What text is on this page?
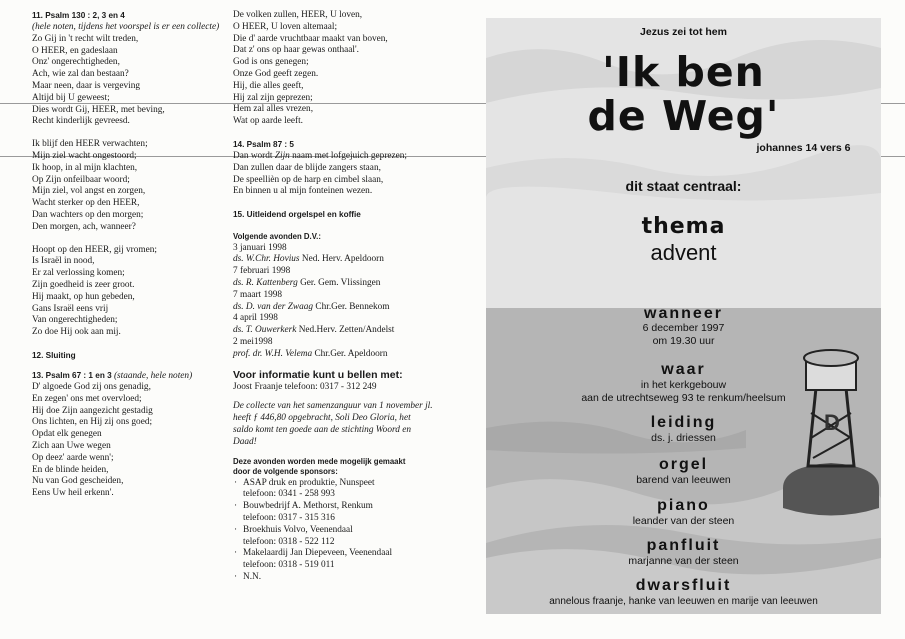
11. Psalm 130 : 2, 3 en 4
(hele noten, tijdens het voorspel is er een collecte)
Zo Gij in 't recht wilt treden,
O HEER, en gadeslaan
Onz' ongerechtigheden,
Ach, wie zal dan bestaan?
Maar neen, daar is vergeving
Altijd bij U geweest;
Dies wordt Gij, HEER, met beving,
Recht kinderlijk gevreesd.
Ik blijf den HEER verwachten;
Mijn ziel wacht ongestoord;
Ik hoop, in al mijn klachten,
Op Zijn onfeilbaar woord;
Mijn ziel, vol angst en zorgen,
Wacht sterker op den HEER,
Dan wachters op den morgen;
Den morgen, ach, wanneer?
Hoopt op den HEER, gij vromen;
Is Israël in nood,
Er zal verlossing komen;
Zijn goedheid is zeer groot.
Hij maakt, op hun gebeden,
Gans Israël eens vrij
Van ongerechtigheden;
Zo doe Hij ook aan mij.
12. Sluiting
13. Psalm 67 : 1 en 3 (staande, hele noten)
D' algoede God zij ons genadig,
En zegen' ons met overvloed;
Hij doe Zijn aangezicht gestadig
Ons lichten, en Hij zij ons goed;
Opdat elk genegen
Zich aan Uwe wegen
Op deez' aarde wenn';
En de blinde heiden,
Nu van God gescheiden,
Eens Uw heil erkenn'.
De volken zullen, HEER, U loven,
O HEER, U loven altemaal;
Die d' aarde vruchtbaar maakt van boven,
Dat z' ons op haar gewas onthaal'.
God is ons genegen;
Onze God geeft zegen.
Hij, die alles geeft,
Hij zal zijn geprezen;
Hem zal alles vrezen,
Wat op aarde leeft.
14. Psalm 87 : 5
Dan wordt Zijn naam met lofgejuich geprezen;
Dan zullen daar de blijde zangers staan,
De speellièn op de harp en cimbel slaan,
En binnen u al mijn fonteinen wezen.
15. Uitleidend orgelspel en koffie
Volgende avonden D.V.:
3 januari 1998
ds. W.Chr. Hovius Ned. Herv. Apeldoorn
7 februari 1998
ds. R. Kattenberg Ger. Gem. Vlissingen
7 maart 1998
ds. D. van der Zwaag Chr.Ger. Bennekom
4 april 1998
ds. T. Ouwerkerk Ned.Herv. Zetten/Andelst
2 mei1998
prof. dr. W.H. Velema Chr.Ger. Apeldoorn
Voor informatie kunt u bellen met:
Joost Fraanje telefoon: 0317 - 312 249
De collecte van het samenzanguur van 1 november jl. heeft ƒ 446,80 opgebracht, Soli Deo Gloria, het saldo komt ten goede aan de stichting Woord en Daad!
Deze avonden worden mede mogelijk gemaakt
door de volgende sponsors:
· ASAP druk en produktie, Nunspeet
telefoon: 0341 - 258 993
· Bouwbedrijf A. Methorst, Renkum
telefoon: 0317 - 315 316
· Broekhuis Volvo, Veenendaal
telefoon: 0318 - 522 112
· Makelaardij Jan Diepeveen, Veenendaal
telefoon: 0318 - 519 011
· N.N.
D
Jezus zei tot hem
'Ik ben
de Weg'
johannes 14 vers 6
dit staat centraal:
thema
advent
wanneer
6 december 1997
om 19.30 uur
waar
in het kerkgebouw
aan de utrechtseweg 93 te renkum/heelsum
leiding
ds. j. driessen
orgel
barend van leeuwen
piano
leander van der steen
panfluit
marjanne van der steen
dwarsfluit
annelous fraanje, hanke van leeuwen en marije van leeuwen
